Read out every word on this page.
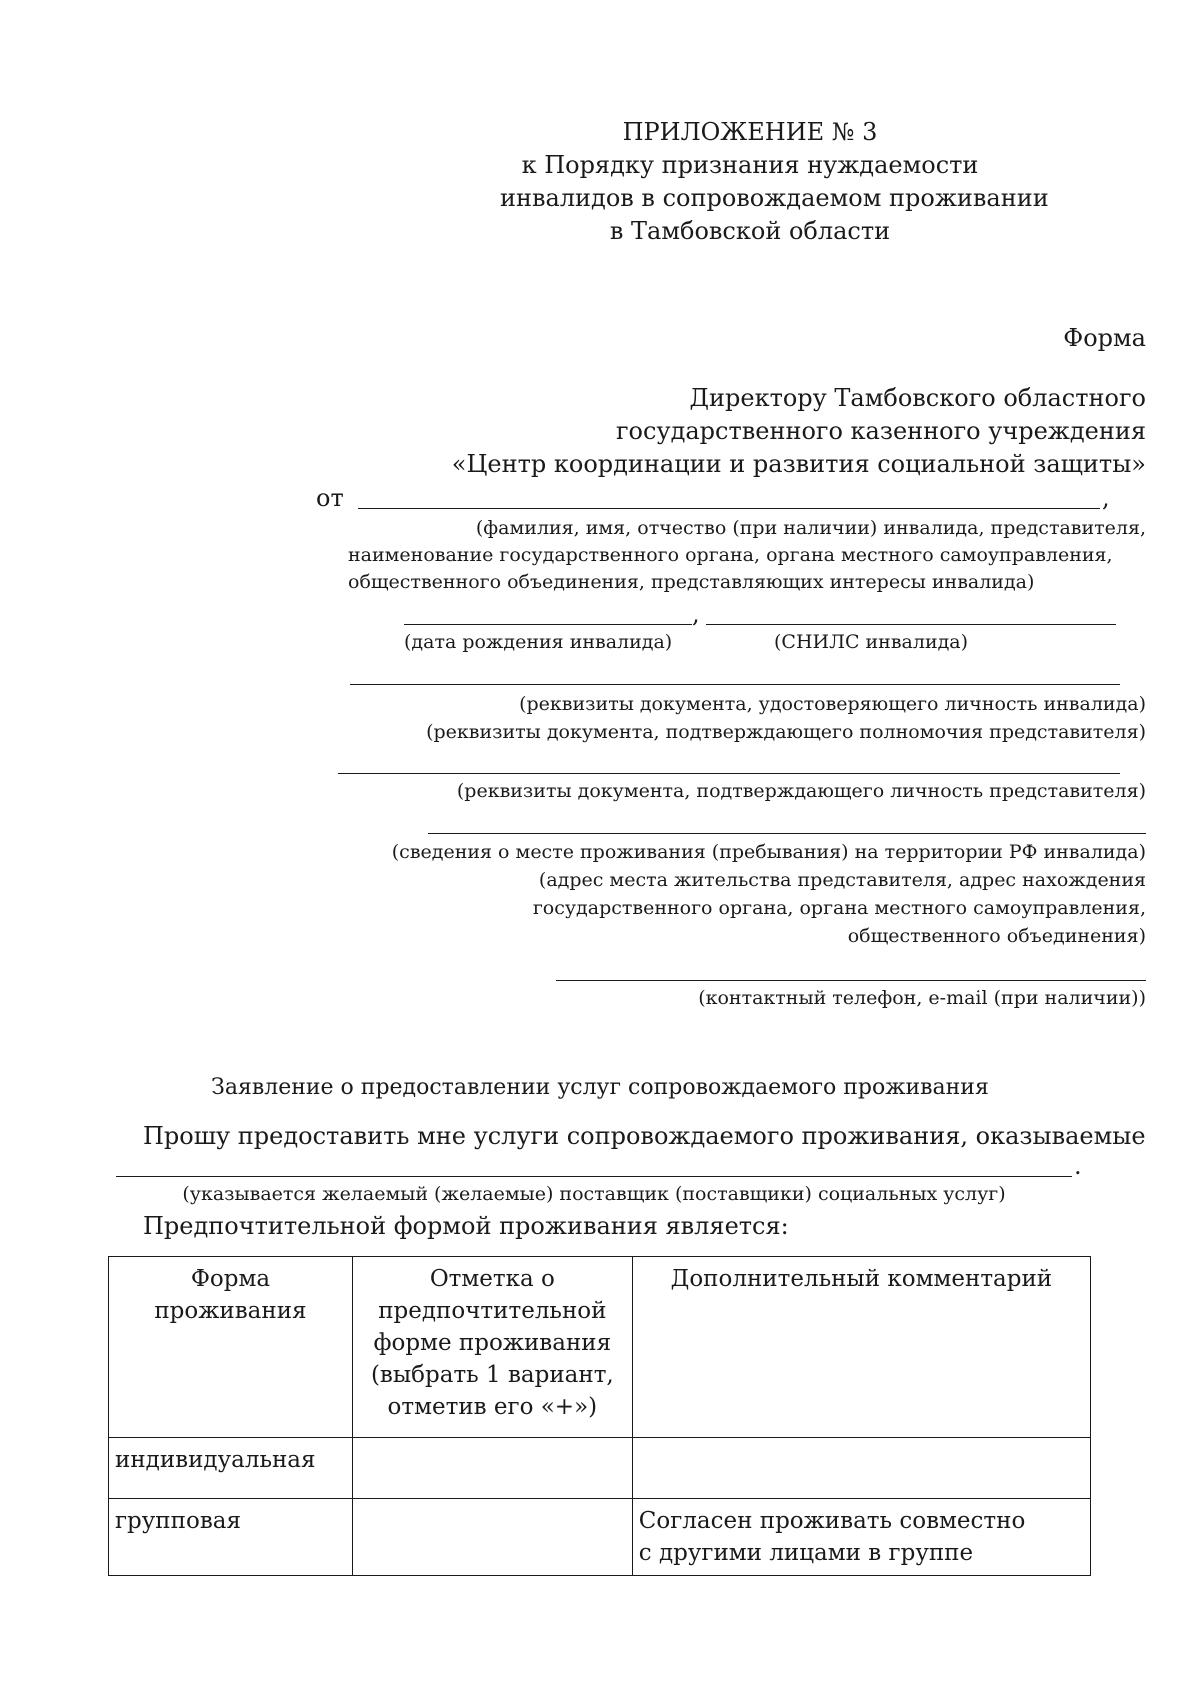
ПРИЛОЖЕНИЕ № 3
к Порядку признания нуждаемости
инвалидов в сопровождаемом проживании
в Тамбовской области
Форма
Директору Тамбовского областного
государственного казенного учреждения
«Центр координации и развития социальной защиты»
от	,
(фамилия, имя, отчество (при наличии) инвалида, представителя,
наименование государственного органа, органа местного самоуправления,
общественного объединения, представляющих интересы инвалида)
,
(дата рождения инвалида)	(СНИЛС инвалида)
(реквизиты документа, удостоверяющего личность инвалида)
(реквизиты документа, подтверждающего полномочия представителя)
(реквизиты документа, подтверждающего личность представителя)
(сведения о месте проживания (пребывания) на территории РФ инвалида)
(адрес места жительства представителя, адрес нахождения
государственного органа, органа местного самоуправления,
общественного объединения)
(контактный телефон, e-mail (при наличии))
Заявление о предоставлении услуг сопровождаемого проживания
Прошу предоставить мне услуги сопровождаемого проживания, оказываемые
.
(указывается желаемый (желаемые) поставщик (поставщики) социальных услуг)
Предпочтительной формой проживания является:
Форма проживания	Отметка о предпочтительной форме проживания (выбрать 1 вариант, отметив его «+»)	Дополнительный комментарий
индивидуальная		
групповая		Согласен проживать совместно с другими лицами в группе
